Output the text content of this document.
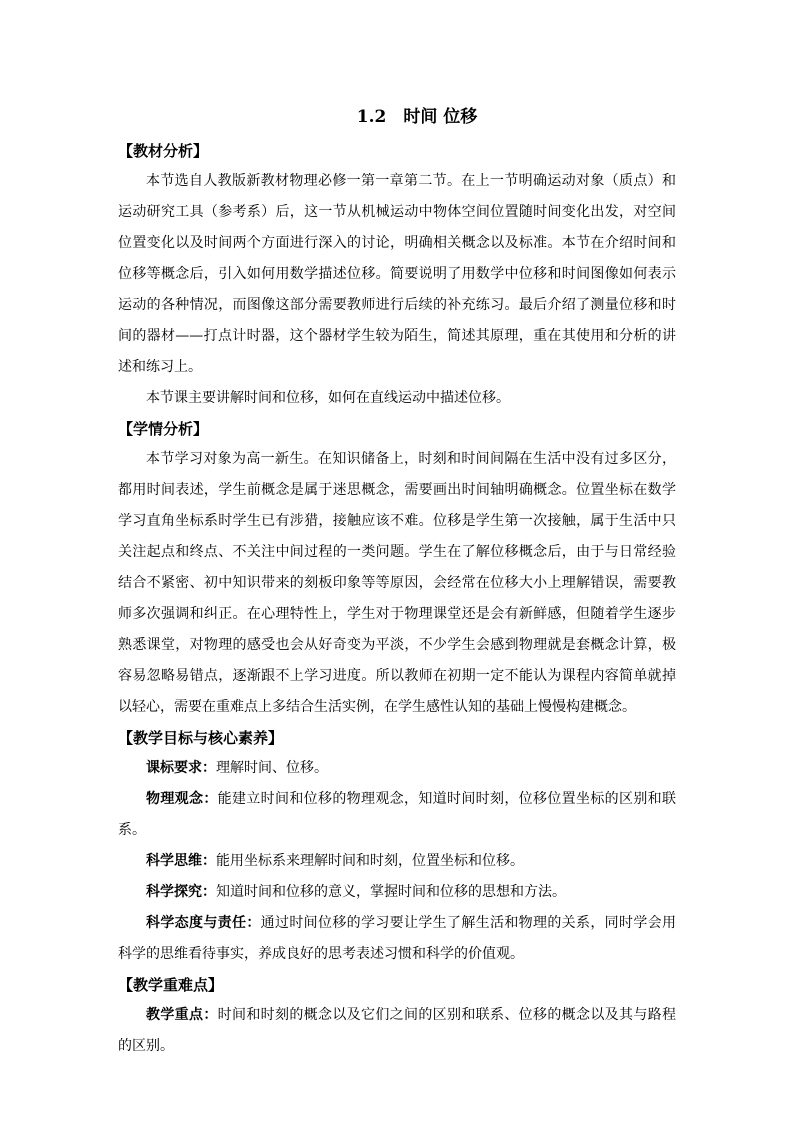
1.2　时间 位移

【教材分析】

本节选自人教版新教材物理必修一第一章第二节。在上一节明确运动对象（质点）和运动研究工具（参考系）后，这一节从机械运动中物体空间位置随时间变化出发，对空间位置变化以及时间两个方面进行深入的讨论，明确相关概念以及标准。本节在介绍时间和位移等概念后，引入如何用数学描述位移。简要说明了用数学中位移和时间图像如何表示运动的各种情况，而图像这部分需要教师进行后续的补充练习。最后介绍了测量位移和时间的器材——打点计时器，这个器材学生较为陌生，简述其原理，重在其使用和分析的讲述和练习上。

本节课主要讲解时间和位移，如何在直线运动中描述位移。

【学情分析】

本节学习对象为高一新生。在知识储备上，时刻和时间间隔在生活中没有过多区分，都用时间表述，学生前概念是属于迷思概念，需要画出时间轴明确概念。位置坐标在数学学习直角坐标系时学生已有涉猎，接触应该不难。位移是学生第一次接触，属于生活中只关注起点和终点、不关注中间过程的一类问题。学生在了解位移概念后，由于与日常经验结合不紧密、初中知识带来的刻板印象等等原因，会经常在位移大小上理解错误，需要教师多次强调和纠正。在心理特性上，学生对于物理课堂还是会有新鲜感，但随着学生逐步熟悉课堂，对物理的感受也会从好奇变为平淡，不少学生会感到物理就是套概念计算，极容易忽略易错点，逐渐跟不上学习进度。所以教师在初期一定不能认为课程内容简单就掉以轻心，需要在重难点上多结合生活实例，在学生感性认知的基础上慢慢构建概念。

【教学目标与核心素养】

课标要求：理解时间、位移。

物理观念：能建立时间和位移的物理观念，知道时间时刻，位移位置坐标的区别和联系。

科学思维：能用坐标系来理解时间和时刻，位置坐标和位移。

科学探究：知道时间和位移的意义，掌握时间和位移的思想和方法。

科学态度与责任：通过时间位移的学习要让学生了解生活和物理的关系，同时学会用科学的思维看待事实，养成良好的思考表述习惯和科学的价值观。

【教学重难点】

教学重点：时间和时刻的概念以及它们之间的区别和联系、位移的概念以及其与路程的区别。
